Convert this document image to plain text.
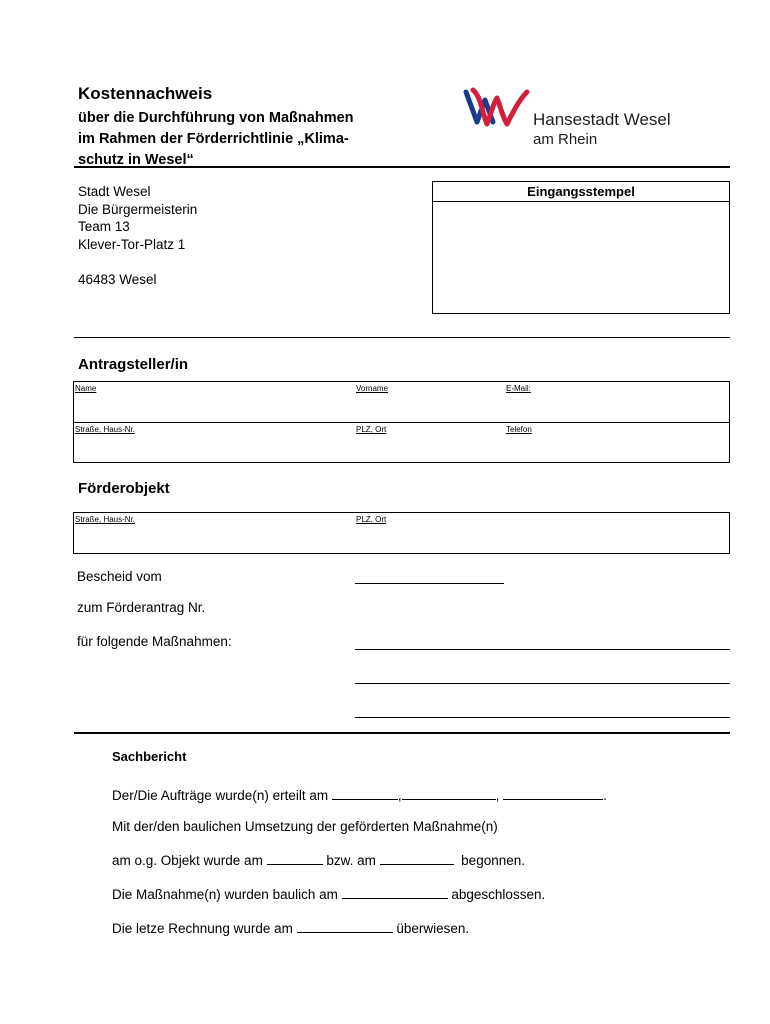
Kostennachweis
über die Durchführung von Maßnahmen
im Rahmen der Förderrichtlinie „Klima-
schutz in Wesel“
Hansestadt Wesel
am Rhein
Stadt Wesel
Die Bürgermeisterin
Team 13
Klever-Tor-Platz 1
46483 Wesel
Eingangsstempel
Antragsteller/in
Name	Vorname	E-Mail:
Straße, Haus-Nr.	PLZ, Ort	Telefon
Förderobjekt
Straße, Haus-Nr.	PLZ, Ort
Bescheid vom
zum Förderantrag Nr.
für folgende Maßnahmen:
Sachbericht
Der/Die Aufträge wurde(n) erteilt am	,	,	.
Mit der/den baulichen Umsetzung der geförderten Maßnahme(n)
am o.g. Objekt wurde am	bzw. am	begonnen.
Die Maßnahme(n) wurden baulich am	abgeschlossen.
Die letze Rechnung wurde am	überwiesen.
